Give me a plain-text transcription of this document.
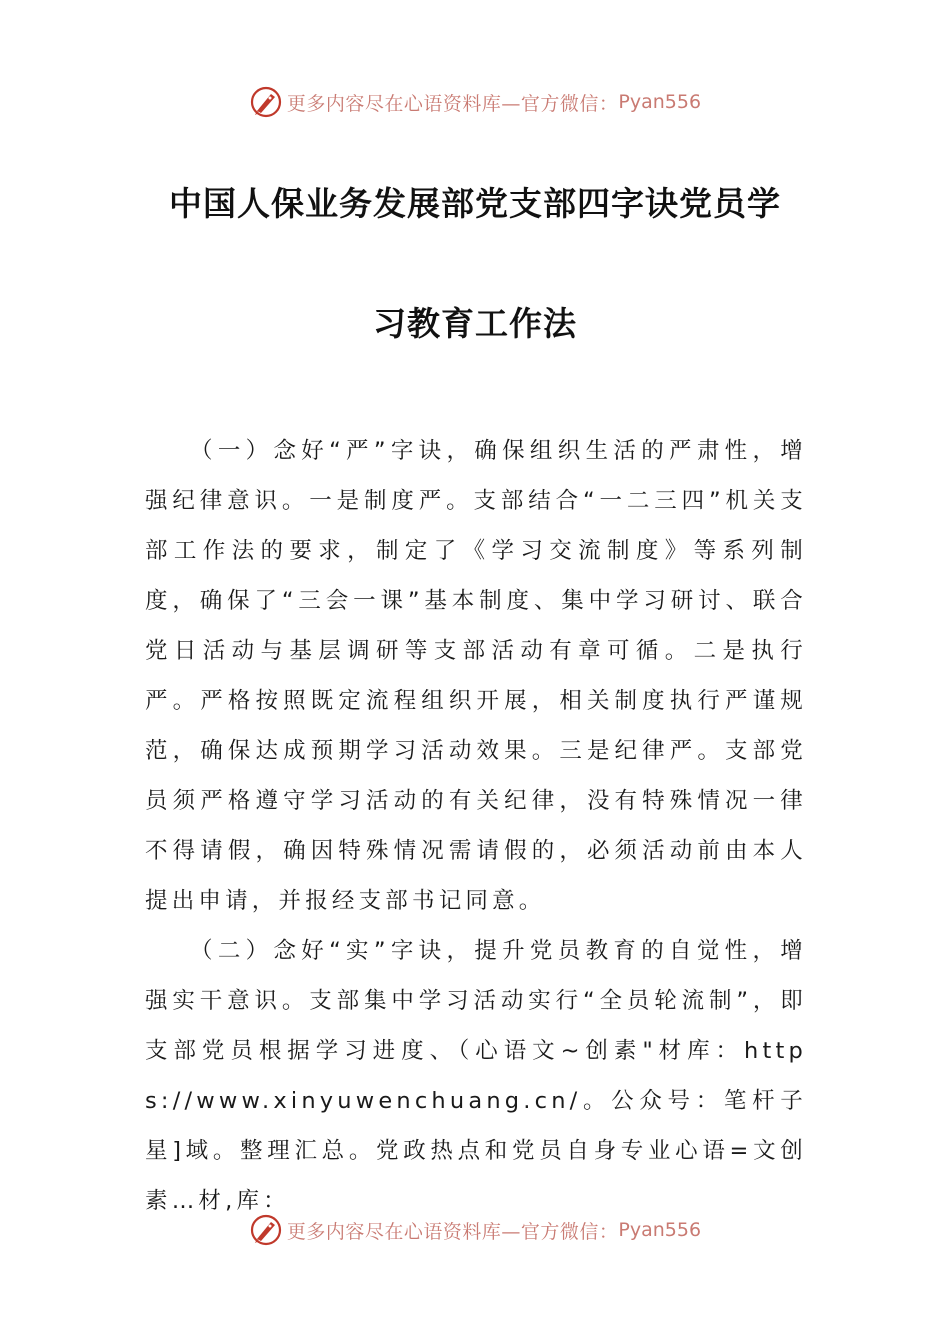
更多内容尽在心语资料库—官方微信： Pyan556
中国人保业务发展部党支部四字诀党员学
习教育工作法

（一）念好“严”字诀，确保组织生活的严肃性，增强纪律意识。一是制度严。支部结合“一二三四”机关支部工作法的要求，制定了《学习交流制度》等系列制度，确保了“三会一课”基本制度、集中学习研讨、联合党日活动与基层调研等支部活动有章可循。二是执行严。严格按照既定流程组织开展，相关制度执行严谨规范，确保达成预期学习活动效果。三是纪律严。支部党员须严格遵守学习活动的有关纪律，没有特殊情况一律不得请假，确因特殊情况需请假的，必须活动前由本人提出申请，并报经支部书记同意。

（二）念好“实”字诀，提升党员教育的自觉性，增强实干意识。支部集中学习活动实行“全员轮流制”，即支部党员根据学习进度、（心语文~创素"材库：https://www.xinyuwenchuang.cn/。公众号：笔杆子星]域。整理汇总。党政热点和党员自身专业心语=文创素…材,库：

更多内容尽在心语资料库—官方微信： Pyan556
